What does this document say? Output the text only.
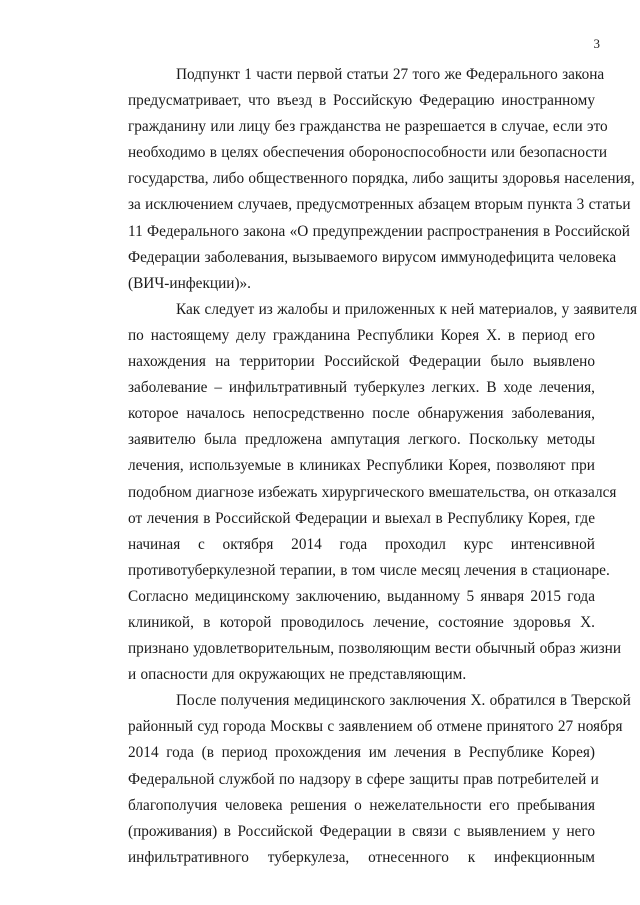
3
Подпункт 1 части первой статьи 27 того же Федерального закона
предусматривает, что въезд в Российскую Федерацию иностранному
гражданину или лицу без гражданства не разрешается в случае, если это
необходимо в целях обеспечения обороноспособности или безопасности
государства, либо общественного порядка, либо защиты здоровья населения,
за исключением случаев, предусмотренных абзацем вторым пункта 3 статьи
11 Федерального закона «О предупреждении распространения в Российской
Федерации заболевания, вызываемого вирусом иммунодефицита человека
(ВИЧ-инфекции)».
Как следует из жалобы и приложенных к ней материалов, у заявителя
по настоящему делу гражданина Республики Корея Х. в период его
нахождения на территории Российской Федерации было выявлено
заболевание – инфильтративный туберкулез легких. В ходе лечения,
которое началось непосредственно после обнаружения заболевания,
заявителю была предложена ампутация легкого. Поскольку методы
лечения, используемые в клиниках Республики Корея, позволяют при
подобном диагнозе избежать хирургического вмешательства, он отказался
от лечения в Российской Федерации и выехал в Республику Корея, где
начиная с октября 2014 года проходил курс интенсивной
противотуберкулезной терапии, в том числе месяц лечения в стационаре.
Согласно медицинскому заключению, выданному 5 января 2015 года
клиникой, в которой проводилось лечение, состояние здоровья Х.
признано удовлетворительным, позволяющим вести обычный образ жизни
и опасности для окружающих не представляющим.
После получения медицинского заключения Х. обратился в Тверской
районный суд города Москвы с заявлением об отмене принятого 27 ноября
2014 года (в период прохождения им лечения в Республике Корея)
Федеральной службой по надзору в сфере защиты прав потребителей и
благополучия человека решения о нежелательности его пребывания
(проживания) в Российской Федерации в связи с выявлением у него
инфильтративного туберкулеза, отнесенного к инфекционным
